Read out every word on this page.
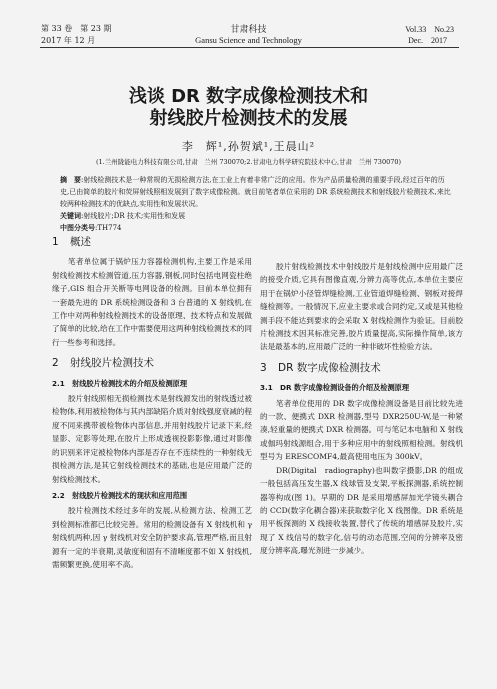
第 33 卷　第 23 期
2017 年 12 月
甘肃科技
Gansu Science and Technology
Vol.33　No.23
Dec.　2017
浅谈 DR 数字成像检测技术和
射线胶片检测技术的发展
李　辉¹,孙贺斌¹,王晨山²
(1.兰州陇能电力科技有限公司,甘肃　兰州 730070;2.甘肃电力科学研究院技术中心,甘肃　兰州 730070)

摘　要:射线检测技术是一种常规的无损检测方法,在工业上有着非常广泛的应用。作为产品质量检测的重要手段,经过百年的历史,已由简单的胶片和荧屏射线照相发展到了数字成像检测。就目前笔者单位采用的 DR 系统检测技术和射线胶片检测技术,来比较两种检测技术的优缺点,实用性和发展状况。

关键词:射线胶片;DR 技术;实用性和发展

中图分类号:TH774

1 概述

笔者单位属于锅炉压力容器检测机构,主要工作是采用射线检测技术检测管道,压力容器,钢板,同时包括电网瓷柱绝缘子,GIS 组合开关断等电网设备的检测。目前本单位拥有一套最先进的 DR 系统检测设备和 3 台普通的 X 射线机,在工作中对两种射线检测技术的设备原理、技术特点和发展做了简单的比较,给在工作中需要使用这两种射线检测技术的同行一些参考和选择。

2 射线胶片检测技术
2.1 射线胶片检测技术的介绍及检测原理

胶片射线照相无损检测技术是射线源发出的射线透过被检物体,利用被检物体与其内部缺陷介质对射线强度衰减的程度不同来携带被检物体内部信息,并用射线胶片记录下来,经显影、定影等处理,在胶片上形成透视投影影像,通过对影像的识别来评定被检物体内部是否存在不连续性的一种射线无损检测方法,是其它射线检测技术的基础,也是应用最广泛的射线检测技术。

2.2 射线胶片检测技术的现状和应用范围

胶片检测技术经过多年的发展,从检测方法、检测工艺到检测标准都已比较完善。常用的检测设备有 X 射线机和 γ 射线机两种,因 γ 射线机对安全防护要求高,管理严格,而且射源有一定的半衰期,灵敏度和固有不清晰度都不如 X 射线机,需频繁更换,使用率不高。

胶片射线检测技术中射线胶片是射线检测中应用最广泛的接受介质,它具有图像直观,分辨力高等优点,本单位主要应用于在锅炉小径管焊缝检测,工业管道焊缝检测、钢板对接焊缝检测等。一般情况下,应业主要求或合同约定,又或是其他检测手段不能达到要求的会采取 X 射线检测作为验证。目前胶片检测技术因其标准完善,胶片质量提高,实际操作简单,该方法是最基本的,应用最广泛的一种非破坏性检验方法。

3 DR 数字成像检测技术
3.1 DR 数字成像检测设备的介绍及检测原理

笔者单位使用的 DR 数字成像检测设备是目前比较先进的一款、便携式 DXR 检测器,型号 DXR250U-W,是一种紧凑,轻重量的便携式 DXR 检测器。可与笔记本电脑和 X 射线或伽玛射线源组合,用于多种应用中的射线照相检测。射线机型号为 ERESCOMF4,最高使用电压为 300kV。

DR(Digital　radiography)也叫数字摄影,DR 的组成一般包括高压发生器,X 线球管及支架,平板探测器,系统控制器等构成(图 1)。早期的 DR 是采用增感屏加光学镜头耦合的 CCD(数字化耦合器)来获取数字化 X 线图像。DR 系统是用平板探测的 X 线接收装置,替代了传统的增感屏及胶片,实现了 X 线信号的数字化,信号的动态范围,空间的分辨率及密度分辨率高,曝光剂进一步减少。
